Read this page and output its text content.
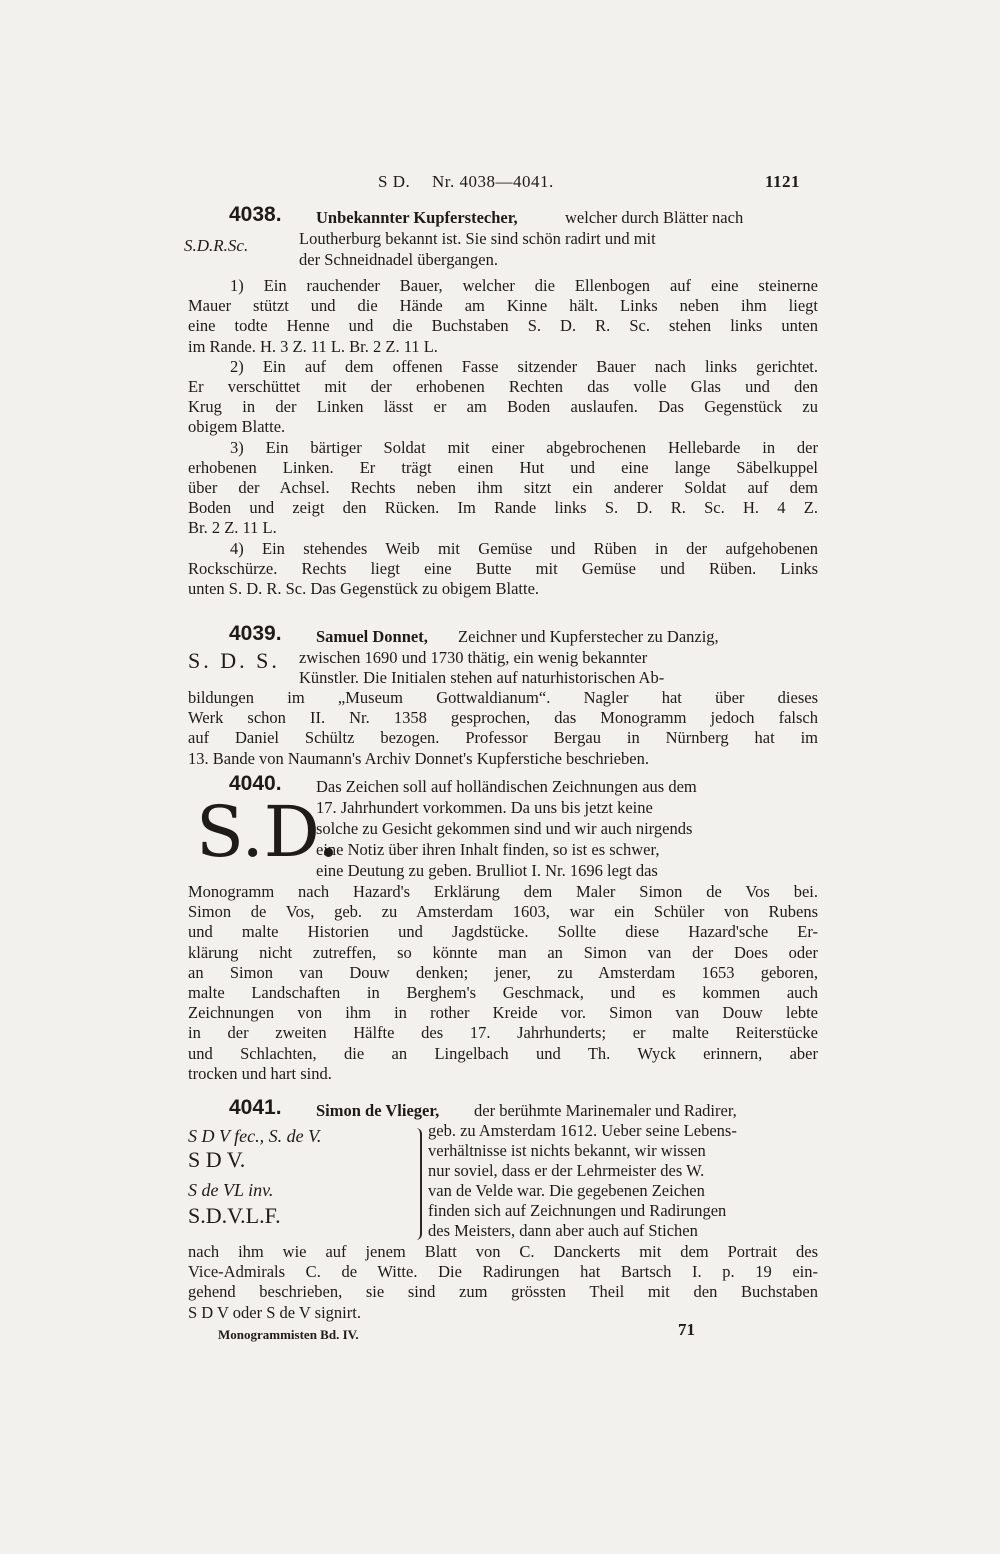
S D. Nr. 4038—4041.	1121
4038. Unbekannter Kupferstecher,	welcher durch Blätter nach
S.D.R.Sc.	Loutherburg bekannt ist. Sie sind schön radirt und mit
der Schneidnadel übergangen.
1) Ein rauchender Bauer, welcher die Ellenbogen auf eine steinerne
Mauer stützt und die Hände am Kinne hält. Links neben ihm liegt
eine todte Henne und die Buchstaben S. D. R. Sc. stehen links unten
im Rande. H. 3 Z. 11 L. Br. 2 Z. 11 L.
2) Ein auf dem offenen Fasse sitzender Bauer nach links gerichtet.
Er verschüttet mit der erhobenen Rechten das volle Glas und den
Krug in der Linken lässt er am Boden auslaufen. Das Gegenstück zu
obigem Blatte.
3) Ein bärtiger Soldat mit einer abgebrochenen Hellebarde in der
erhobenen Linken. Er trägt einen Hut und eine lange Säbelkuppel
über der Achsel. Rechts neben ihm sitzt ein anderer Soldat auf dem
Boden und zeigt den Rücken. Im Rande links S. D. R. Sc. H. 4 Z.
Br. 2 Z. 11 L.
4) Ein stehendes Weib mit Gemüse und Rüben in der aufgehobenen
Rockschürze. Rechts liegt eine Butte mit Gemüse und Rüben. Links
unten S. D. R. Sc. Das Gegenstück zu obigem Blatte.
4039. Samuel Donnet, Zeichner und Kupferstecher zu Danzig,
S. D. S. zwischen 1690 und 1730 thätig, ein wenig bekannter
Künstler. Die Initialen stehen auf naturhistorischen Ab-
bildungen im „Museum Gottwaldianum“. Nagler hat über dieses
Werk schon II. Nr. 1358 gesprochen, das Monogramm jedoch falsch
auf Daniel Schültz bezogen. Professor Bergau in Nürnberg hat im
13. Bande von Naumann's Archiv Donnet's Kupferstiche beschrieben.
4040. Das Zeichen soll auf holländischen Zeichnungen aus dem
S.D.
17. Jahrhundert vorkommen. Da uns bis jetzt keine
solche zu Gesicht gekommen sind und wir auch nirgends
eine Notiz über ihren Inhalt finden, so ist es schwer,
eine Deutung zu geben. Brulliot I. Nr. 1696 legt das
Monogramm nach Hazard's Erklärung dem Maler Simon de Vos bei.
Simon de Vos, geb. zu Amsterdam 1603, war ein Schüler von Rubens
und malte Historien und Jagdstücke. Sollte diese Hazard'sche Er-
klärung nicht zutreffen, so könnte man an Simon van der Does oder
an Simon van Douw denken; jener, zu Amsterdam 1653 geboren,
malte Landschaften in Berghem's Geschmack, und es kommen auch
Zeichnungen von ihm in rother Kreide vor. Simon van Douw lebte
in der zweiten Hälfte des 17. Jahrhunderts; er malte Reiterstücke
und Schlachten, die an Lingelbach und Th. Wyck erinnern, aber
trocken und hart sind.
4041. Simon de Vlieger, der berühmte Marinemaler und Radirer,
S D V fec., S. de V.
S D V.
S de VL inv.
S.D.V.L.F.
geb. zu Amsterdam 1612. Ueber seine Lebens-
verhältnisse ist nichts bekannt, wir wissen
nur soviel, dass er der Lehrmeister des W.
van de Velde war. Die gegebenen Zeichen
finden sich auf Zeichnungen und Radirungen
des Meisters, dann aber auch auf Stichen
nach ihm wie auf jenem Blatt von C. Danckerts mit dem Portrait des
Vice-Admirals C. de Witte. Die Radirungen hat Bartsch I. p. 19 ein-
gehend beschrieben, sie sind zum grössten Theil mit den Buchstaben
S D V oder S de V signirt.
Monogrammisten Bd. IV.	71
